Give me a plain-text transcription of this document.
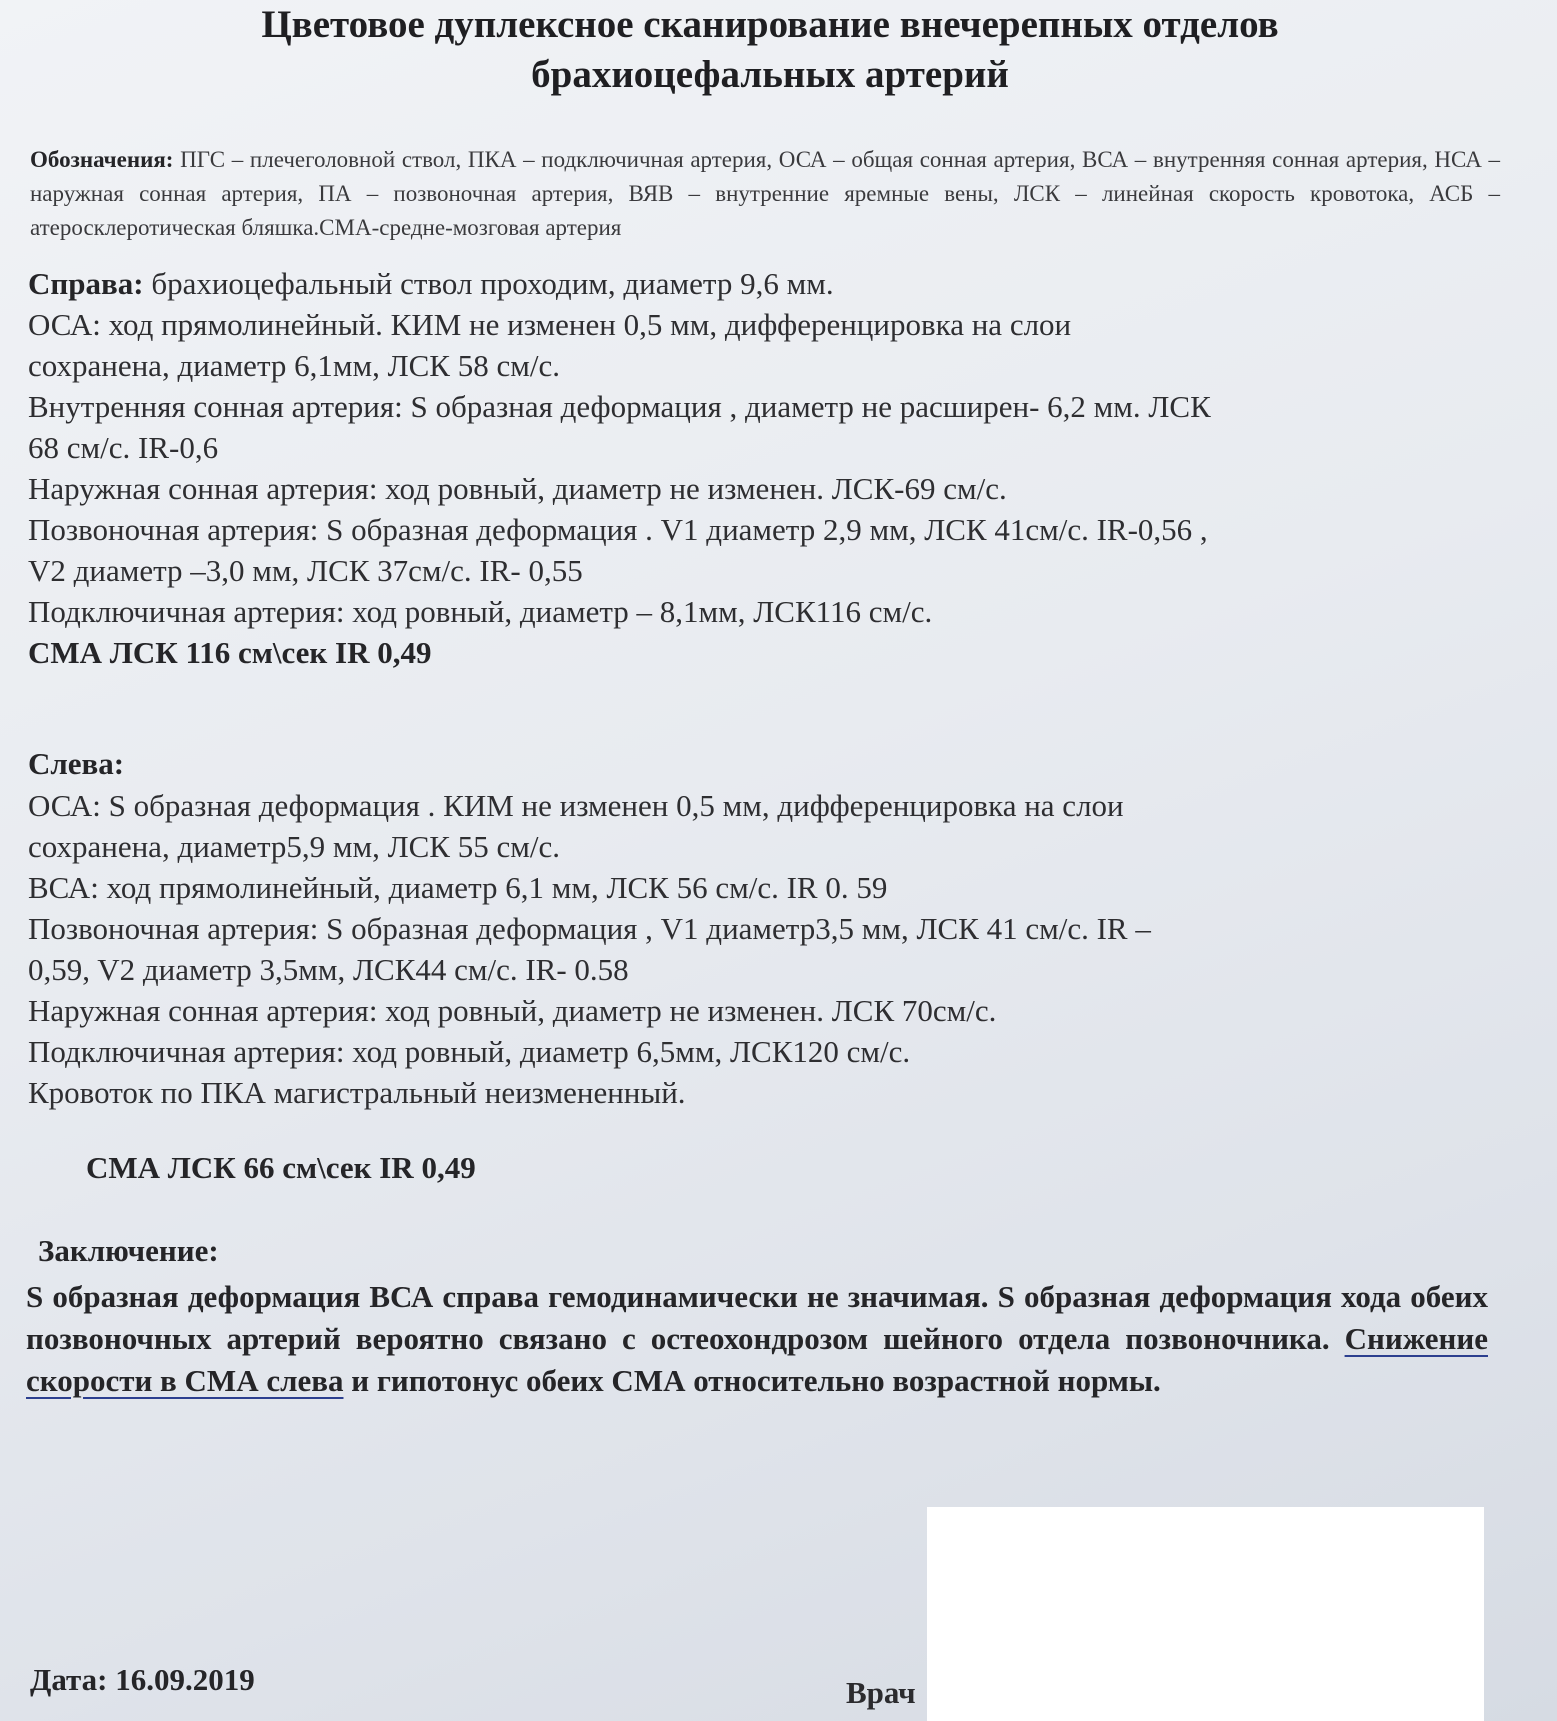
Цветовое дуплексное сканирование внечерепных отделов
брахиоцефальных артерий
Обозначения: ПГС – плечеголовной ствол, ПКА – подключичная артерия, ОСА – общая сонная артерия, ВСА – внутренняя сонная артерия, НСА – наружная сонная артерия, ПА – позвоночная артерия, ВЯВ – внутренние яремные вены, ЛСК – линейная скорость кровотока, АСБ – атеросклеротическая бляшка.СМА-средне-мозговая артерия
Справа: брахиоцефальный ствол проходим, диаметр 9,6 мм.
ОСА: ход прямолинейный. КИМ не изменен 0,5 мм, дифференцировка на слои
сохранена, диаметр 6,1мм, ЛСК 58 см/с.
Внутренняя сонная артерия: S образная деформация , диаметр не расширен- 6,2 мм. ЛСК
68 см/с. IR-0,6
Наружная сонная артерия: ход ровный, диаметр не изменен. ЛСК-69 см/с.
Позвоночная артерия: S образная деформация . V1 диаметр 2,9 мм, ЛСК 41см/с. IR-0,56 ,
V2 диаметр –3,0 мм, ЛСК 37см/с. IR- 0,55
Подключичная артерия: ход ровный, диаметр – 8,1мм, ЛСК116 см/с.
СМА ЛСК 116 см\сек IR 0,49
Слева:
ОСА: S образная деформация . КИМ не изменен 0,5 мм, дифференцировка на слои
сохранена, диаметр5,9 мм, ЛСК 55 см/с.
ВСА: ход прямолинейный, диаметр 6,1 мм, ЛСК 56 см/с. IR 0. 59
Позвоночная артерия: S образная деформация , V1 диаметр3,5 мм, ЛСК 41 см/с. IR –
0,59, V2 диаметр 3,5мм, ЛСК44 см/с. IR- 0.58
Наружная сонная артерия: ход ровный, диаметр не изменен. ЛСК 70см/с.
Подключичная артерия: ход ровный, диаметр 6,5мм, ЛСК120 см/с.
Кровоток по ПКА магистральный неизмененный.
СМА ЛСК 66 см\сек IR 0,49
Заключение:
S образная деформация ВСА справа гемодинамически не значимая. S образная деформация хода обеих позвоночных артерий вероятно связано с остеохондрозом шейного отдела позвоночника. Снижение скорости в СМА слева и гипотонус обеих СМА относительно возрастной нормы.
Дата: 16.09.2019	Врач
